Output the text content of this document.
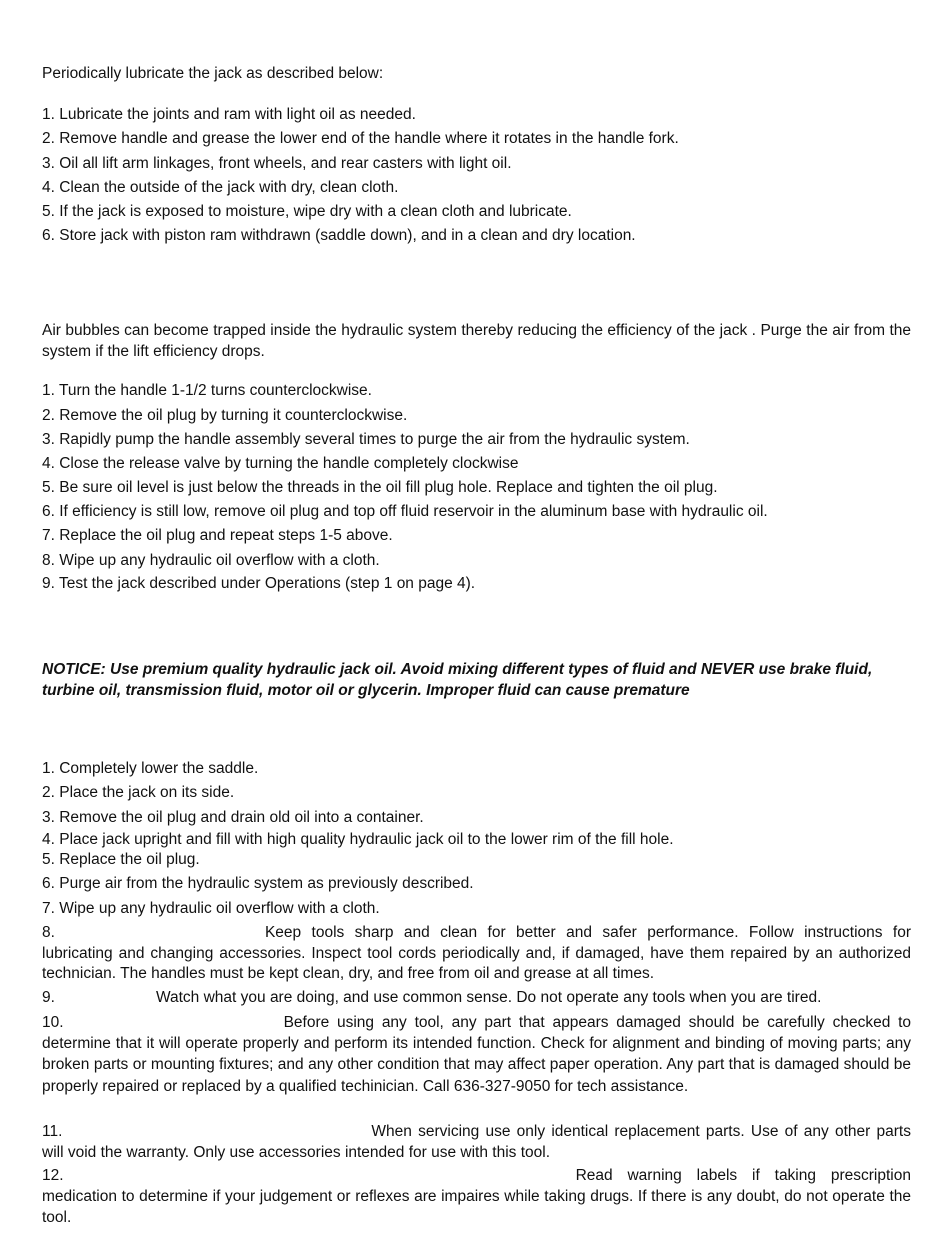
Periodically lubricate the jack as described below:
1. Lubricate the joints and ram with light oil as needed.
2. Remove handle and grease the lower end of the handle where it rotates in the handle fork.
3. Oil all lift arm linkages, front wheels, and rear casters with light oil.
4. Clean the outside of the jack with dry, clean cloth.
5. If the jack is exposed to moisture, wipe dry with a clean cloth and lubricate.
6. Store jack with piston ram withdrawn (saddle down), and in a clean and dry location.
Air bubbles can become trapped inside the hydraulic system thereby reducing the efficiency of the jack . Purge the air from the system if the lift efficiency drops.
1. Turn the handle 1-1/2 turns counterclockwise.
2. Remove the oil plug by turning it counterclockwise.
3. Rapidly pump the handle assembly several times to purge the air from the hydraulic system.
4. Close the release valve by turning the handle completely clockwise
5. Be sure oil level is just below the threads in the oil fill plug hole. Replace and tighten the oil plug.
6. If efficiency is still low, remove oil plug and top off fluid reservoir in the aluminum base with hydraulic oil.
7. Replace the oil plug and repeat steps 1-5 above.
8. Wipe up any hydraulic oil overflow with a cloth.
9. Test the jack described under Operations (step 1 on page 4).
NOTICE: Use premium quality hydraulic jack oil. Avoid mixing different types of fluid and NEVER use brake fluid, turbine oil, transmission fluid, motor oil or glycerin. Improper fluid can cause premature
1. Completely lower the saddle.
2. Place the jack on its side.
3. Remove the oil plug and drain old oil into a container.
4. Place jack upright and fill with high quality hydraulic jack oil to the lower rim of the fill hole.
5. Replace the oil plug.
6. Purge air from the hydraulic system as previously described.
7. Wipe up any hydraulic oil overflow with a cloth.
8.	Keep tools sharp and clean for better and safer performance. Follow instructions for lubricating and changing accessories. Inspect tool cords periodically and, if damaged, have them repaired by an authorized technician. The handles must be kept clean, dry, and free from oil and grease at all times.
9.	Watch what you are doing, and use common sense. Do not operate any tools when you are tired.
10.	Before using any tool, any part that appears damaged should be carefully checked to determine that it will operate properly and perform its intended function. Check for alignment and binding of moving parts; any broken parts or mounting fixtures; and any other condition that may affect paper operation. Any part that is damaged should be properly repaired or replaced by a qualified techinician. Call 636-327-9050 for tech assistance.
11.	When servicing use only identical replacement parts. Use of any other parts will void the warranty. Only use accessories intended for use with this tool.
12.	Read warning labels if taking prescription medication to determine if your judgement or reflexes are impaires while taking drugs. If there is any doubt, do not operate the tool.
